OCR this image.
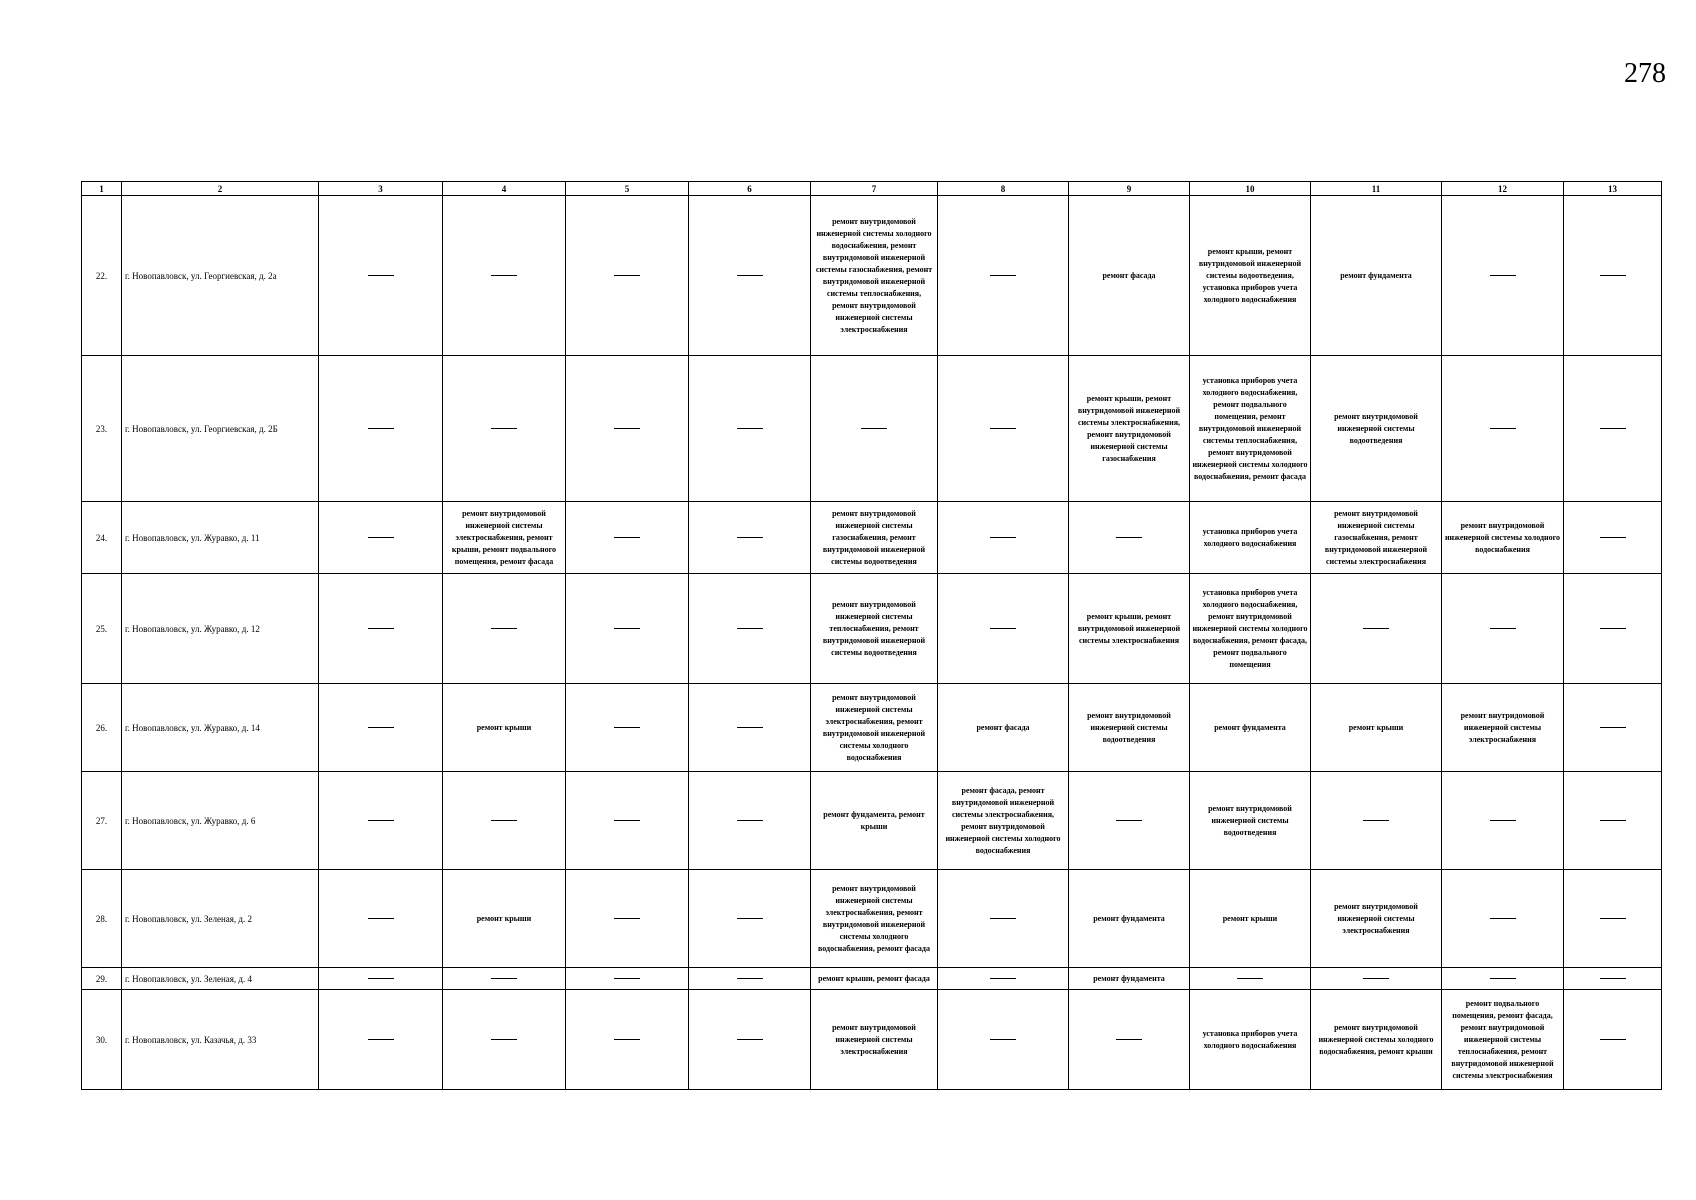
278
1	2	3	4	5	6	7	8	9	10	11	12	13
22.	г. Новопавловск, ул. Георгиевская, д. 2а					ремонт внутридомовой инженерной системы холодного водоснабжения, ремонт внутридомовой инженерной системы газоснабжения, ремонт внутридомовой инженерной системы теплоснабжения, ремонт внутридомовой инженерной системы электроснабжения		ремонт фасада	ремонт крыши, ремонт внутридомовой инженерной системы водоотведения, установка приборов учета холодного водоснабжения	ремонт фундамента		
23.	г. Новопавловск, ул. Георгиевская, д. 2Б							ремонт крыши, ремонт внутридомовой инженерной системы электроснабжения, ремонт внутридомовой инженерной системы газоснабжения	установка приборов учета холодного водоснабжения, ремонт подвального помещения, ремонт внутридомовой инженерной системы теплоснабжения, ремонт внутридомовой инженерной системы холодного водоснабжения, ремонт фасада	ремонт внутридомовой инженерной системы водоотведения		
24.	г. Новопавловск, ул. Журавко, д. 11		ремонт внутридомовой инженерной системы электроснабжения, ремонт крыши, ремонт подвального помещения, ремонт фасада			ремонт внутридомовой инженерной системы газоснабжения, ремонт внутридомовой инженерной системы водоотведения			установка приборов учета холодного водоснабжения	ремонт внутридомовой инженерной системы газоснабжения, ремонт внутридомовой инженерной системы электроснабжения	ремонт внутридомовой инженерной системы холодного водоснабжения	
25.	г. Новопавловск, ул. Журавко, д. 12					ремонт внутридомовой инженерной системы теплоснабжения, ремонт внутридомовой инженерной системы водоотведения		ремонт крыши, ремонт внутридомовой инженерной системы электроснабжения	установка приборов учета холодного водоснабжения, ремонт внутридомовой инженерной системы холодного водоснабжения, ремонт фасада, ремонт подвального помещения			
26.	г. Новопавловск, ул. Журавко, д. 14		ремонт крыши			ремонт внутридомовой инженерной системы электроснабжения, ремонт внутридомовой инженерной системы холодного водоснабжения	ремонт фасада	ремонт внутридомовой инженерной системы водоотведения	ремонт фундамента	ремонт крыши	ремонт внутридомовой инженерной системы электроснабжения	
27.	г. Новопавловск, ул. Журавко, д. 6					ремонт фундамента, ремонт крыши	ремонт фасада, ремонт внутридомовой инженерной системы электроснабжения, ремонт внутридомовой инженерной системы холодного водоснабжения		ремонт внутридомовой инженерной системы водоотведения			
28.	г. Новопавловск, ул. Зеленая, д. 2		ремонт крыши			ремонт внутридомовой инженерной системы электроснабжения, ремонт внутридомовой инженерной системы холодного водоснабжения, ремонт фасада		ремонт фундамента	ремонт крыши	ремонт внутридомовой инженерной системы электроснабжения		
29.	г. Новопавловск, ул. Зеленая, д. 4					ремонт крыши, ремонт фасада		ремонт фундамента				
30.	г. Новопавловск, ул. Казачья, д. 33					ремонт внутридомовой инженерной системы электроснабжения			установка приборов учета холодного водоснабжения	ремонт внутридомовой инженерной системы холодного водоснабжения, ремонт крыши	ремонт подвального помещения, ремонт фасада, ремонт внутридомовой инженерной системы теплоснабжения, ремонт внутридомовой инженерной системы электроснабжения	
